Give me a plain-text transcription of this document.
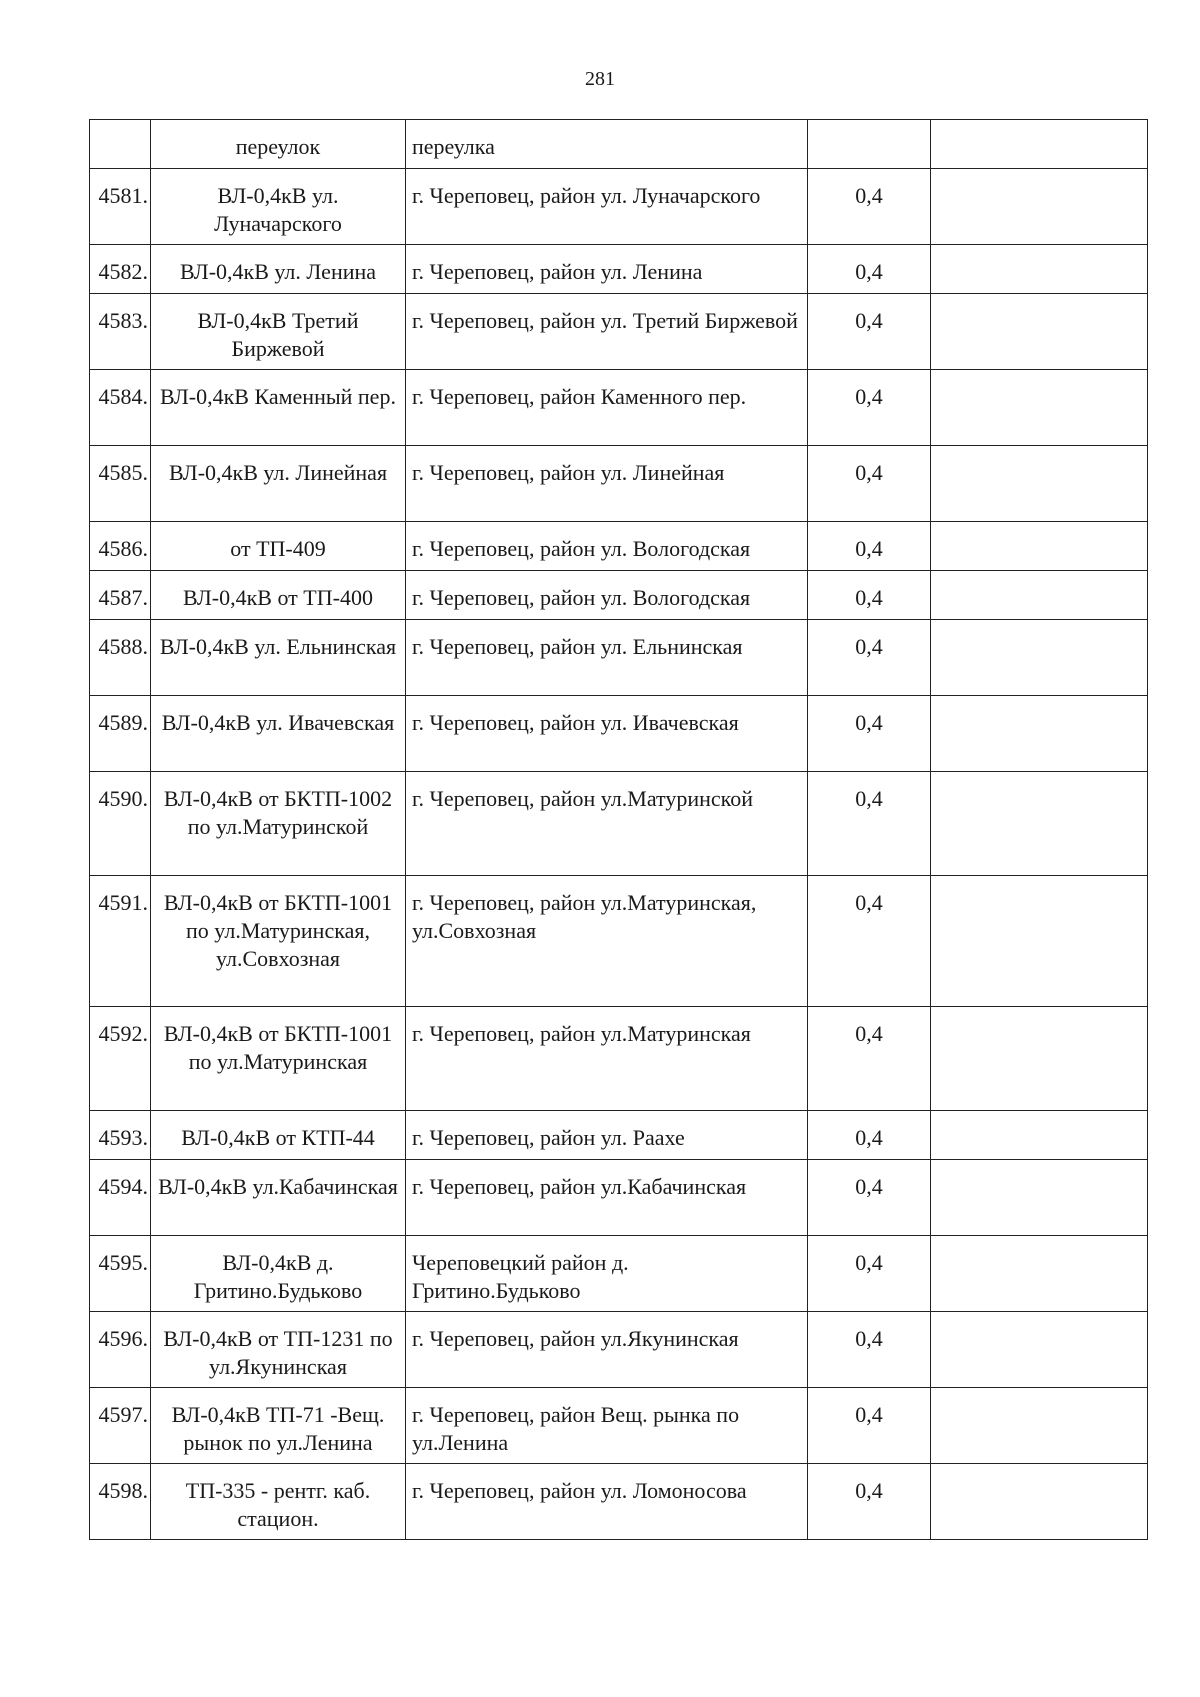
281
	переулок	переулка		
4581.	ВЛ-0,4кВ ул. Луначарского	г. Череповец, район ул. Луначарского	0,4	
4582.	ВЛ-0,4кВ ул. Ленина	г. Череповец, район ул. Ленина	0,4	
4583.	ВЛ-0,4кВ Третий Биржевой	г. Череповец, район ул. Третий Биржевой	0,4	
4584.	ВЛ-0,4кВ Каменный пер.	г. Череповец, район Каменного пер.	0,4	
4585.	ВЛ-0,4кВ ул. Линейная	г. Череповец, район ул. Линейная	0,4	
4586.	от ТП-409	г. Череповец, район ул. Вологодская	0,4	
4587.	ВЛ-0,4кВ от ТП-400	г. Череповец, район ул. Вологодская	0,4	
4588.	ВЛ-0,4кВ ул. Ельнинская	г. Череповец, район ул. Ельнинская	0,4	
4589.	ВЛ-0,4кВ ул. Ивачевская	г. Череповец, район ул. Ивачевская	0,4	
4590.	ВЛ-0,4кВ от БКТП-1002 по ул.Матуринской	г. Череповец, район ул.Матуринской	0,4	
4591.	ВЛ-0,4кВ от БКТП-1001 по ул.Матуринская, ул.Совхозная	г. Череповец, район ул.Матуринская, ул.Совхозная	0,4	
4592.	ВЛ-0,4кВ от БКТП-1001 по ул.Матуринская	г. Череповец, район ул.Матуринская	0,4	
4593.	ВЛ-0,4кВ от КТП-44	г. Череповец, район ул. Раахе	0,4	
4594.	ВЛ-0,4кВ ул.Кабачинская	г. Череповец, район ул.Кабачинская	0,4	
4595.	ВЛ-0,4кВ д. Гритино.Будьково	Череповецкий район д. Гритино.Будьково	0,4	
4596.	ВЛ-0,4кВ от ТП-1231 по ул.Якунинская	г. Череповец, район ул.Якунинская	0,4	
4597.	ВЛ-0,4кВ ТП-71 -Вещ. рынок по ул.Ленина	г. Череповец, район Вещ. рынка по ул.Ленина	0,4	
4598.	ТП-335 - рентг. каб. стацион.	г. Череповец, район ул. Ломоносова	0,4	
